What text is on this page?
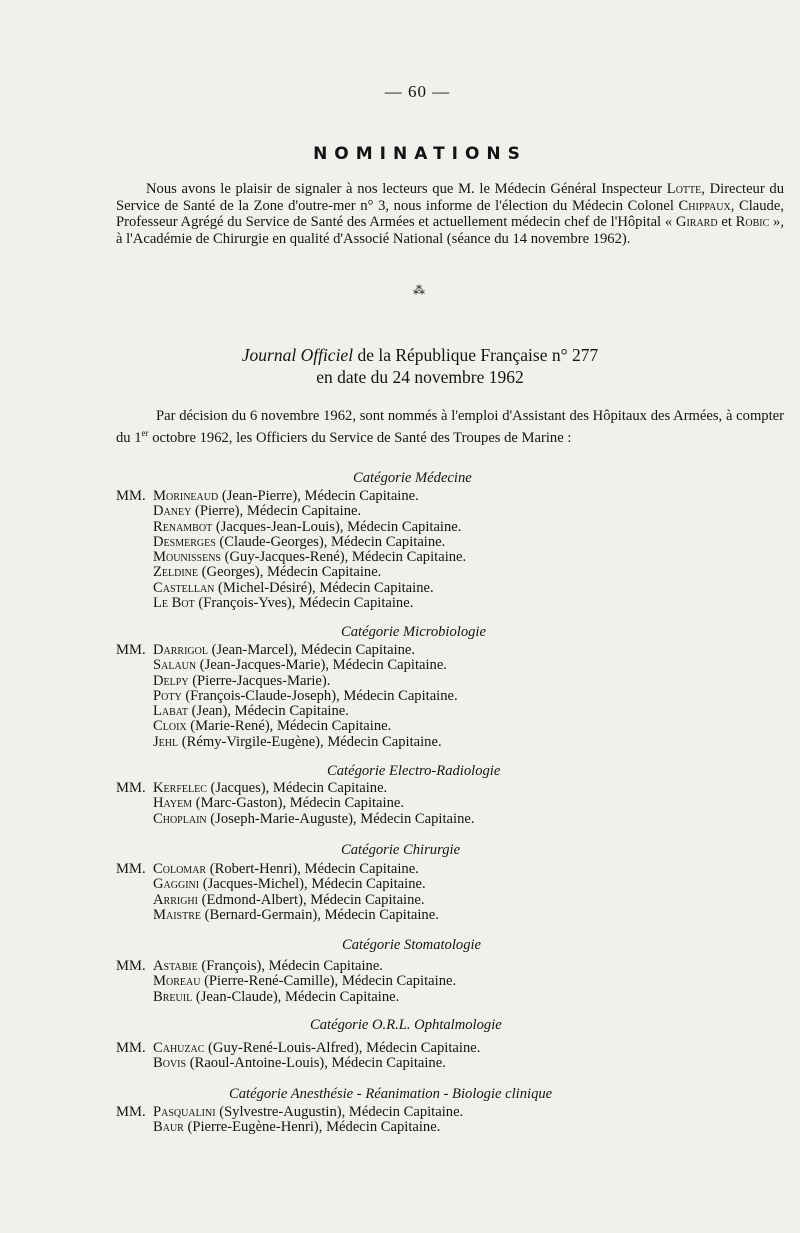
— 60 —
NOMINATIONS

Nous avons le plaisir de signaler à nos lecteurs que M. le Médecin Général Inspecteur Lotte, Directeur du Service de Santé de la Zone d'outre-mer n° 3, nous informe de l'élection du Médecin Colonel Chippaux, Claude, Professeur Agrégé du Service de Santé des Armées et actuellement médecin chef de l'Hôpital « Girard et Robic », à l'Académie de Chirurgie en qualité d'Associé National (séance du 14 novembre 1962).

⁂
Journal Officiel de la République Française n° 277
en date du 24 novembre 1962

Par décision du 6 novembre 1962, sont nommés à l'emploi d'Assistant des Hôpitaux des Armées, à compter du 1er octobre 1962, les Officiers du Service de Santé des Troupes de Marine :

Catégorie Médecine
MM. Morineaud (Jean-Pierre), Médecin Capitaine.
Daney (Pierre), Médecin Capitaine.
Renambot (Jacques-Jean-Louis), Médecin Capitaine.
Desmerges (Claude-Georges), Médecin Capitaine.
Mounissens (Guy-Jacques-René), Médecin Capitaine.
Zeldine (Georges), Médecin Capitaine.
Castellan (Michel-Désiré), Médecin Capitaine.
Le Bot (François-Yves), Médecin Capitaine.
Catégorie Microbiologie
MM. Darrigol (Jean-Marcel), Médecin Capitaine.
Salaun (Jean-Jacques-Marie), Médecin Capitaine.
Delpy (Pierre-Jacques-Marie).
Poty (François-Claude-Joseph), Médecin Capitaine.
Labat (Jean), Médecin Capitaine.
Cloix (Marie-René), Médecin Capitaine.
Jehl (Rémy-Virgile-Eugène), Médecin Capitaine.
Catégorie Electro-Radiologie
MM. Kerfelec (Jacques), Médecin Capitaine.
Hayem (Marc-Gaston), Médecin Capitaine.
Choplain (Joseph-Marie-Auguste), Médecin Capitaine.
Catégorie Chirurgie
MM. Colomar (Robert-Henri), Médecin Capitaine.
Gaggini (Jacques-Michel), Médecin Capitaine.
Arrighi (Edmond-Albert), Médecin Capitaine.
Maistre (Bernard-Germain), Médecin Capitaine.
Catégorie Stomatologie
MM. Astabie (François), Médecin Capitaine.
Moreau (Pierre-René-Camille), Médecin Capitaine.
Breuil (Jean-Claude), Médecin Capitaine.
Catégorie O.R.L. Ophtalmologie
MM. Cahuzac (Guy-René-Louis-Alfred), Médecin Capitaine.
Bovis (Raoul-Antoine-Louis), Médecin Capitaine.
Catégorie Anesthésie - Réanimation - Biologie clinique
MM. Pasqualini (Sylvestre-Augustin), Médecin Capitaine.
Baur (Pierre-Eugène-Henri), Médecin Capitaine.
